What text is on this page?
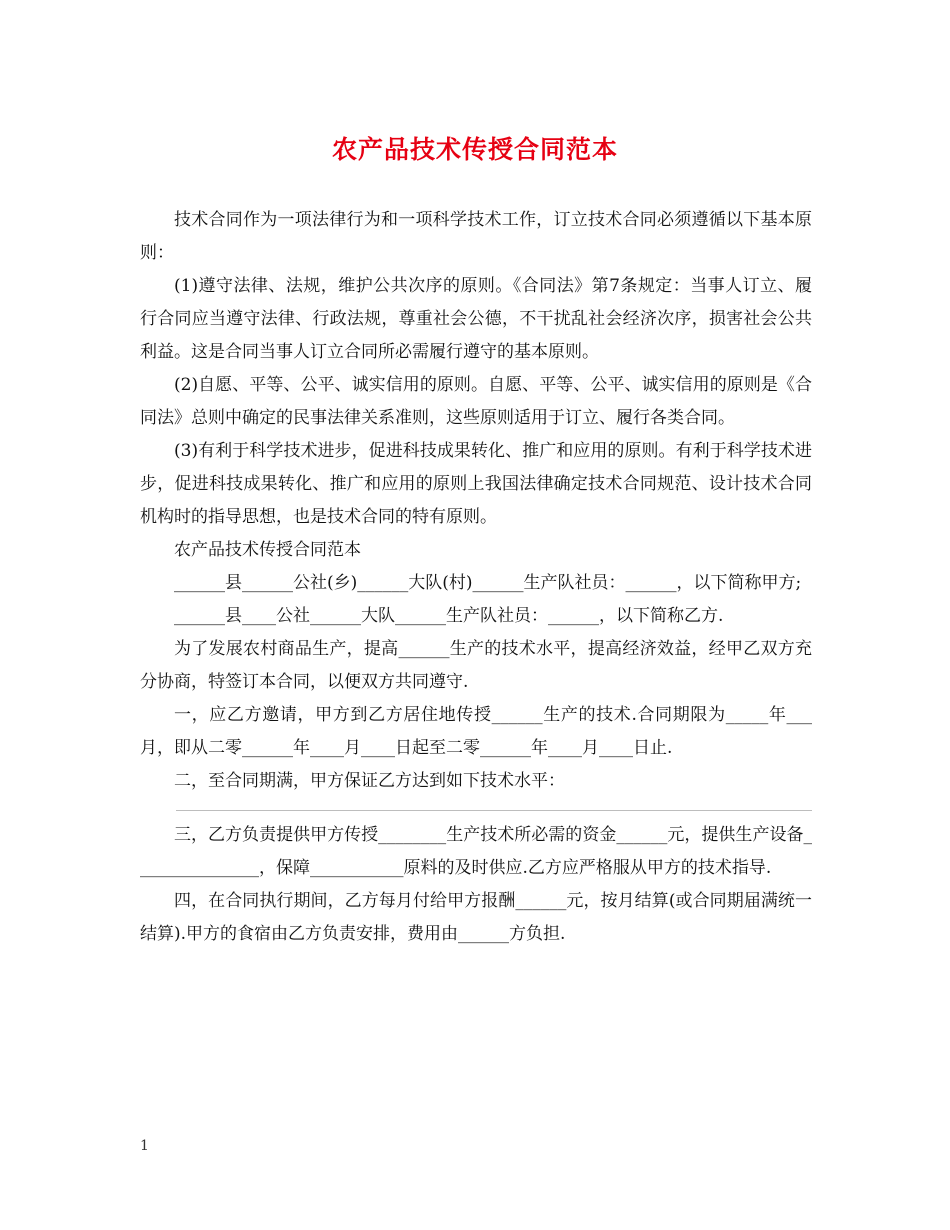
农产品技术传授合同范本

技术合同作为一项法律行为和一项科学技术工作，订立技术合同必须遵循以下基本原则：

(1)遵守法律、法规，维护公共次序的原则。《合同法》第7条规定：当事人订立、履行合同应当遵守法律、行政法规，尊重社会公德，不干扰乱社会经济次序，损害社会公共利益。这是合同当事人订立合同所必需履行遵守的基本原则。

(2)自愿、平等、公平、诚实信用的原则。自愿、平等、公平、诚实信用的原则是《合同法》总则中确定的民事法律关系准则，这些原则适用于订立、履行各类合同。

(3)有利于科学技术进步，促进科技成果转化、推广和应用的原则。有利于科学技术进步，促进科技成果转化、推广和应用的原则上我国法律确定技术合同规范、设计技术合同机构时的指导思想，也是技术合同的特有原则。

农产品技术传授合同范本

______县______公社(乡)______大队(村)______生产队社员：______，以下简称甲方;

______县____公社______大队______生产队社员：______，以下简称乙方.

为了发展农村商品生产，提高______生产的技术水平，提高经济效益，经甲乙双方充分协商，特签订本合同，以便双方共同遵守.

一，应乙方邀请，甲方到乙方居住地传授______生产的技术.合同期限为_____年___月，即从二零______年____月____日起至二零______年____月____日止.

二，至合同期满，甲方保证乙方达到如下技术水平：

三，乙方负责提供甲方传授________生产技术所必需的资金______元，提供生产设备_______________，保障___________原料的及时供应.乙方应严格服从甲方的技术指导.

四，在合同执行期间，乙方每月付给甲方报酬______元，按月结算(或合同期届满统一结算).甲方的食宿由乙方负责安排，费用由______方负担.

1
